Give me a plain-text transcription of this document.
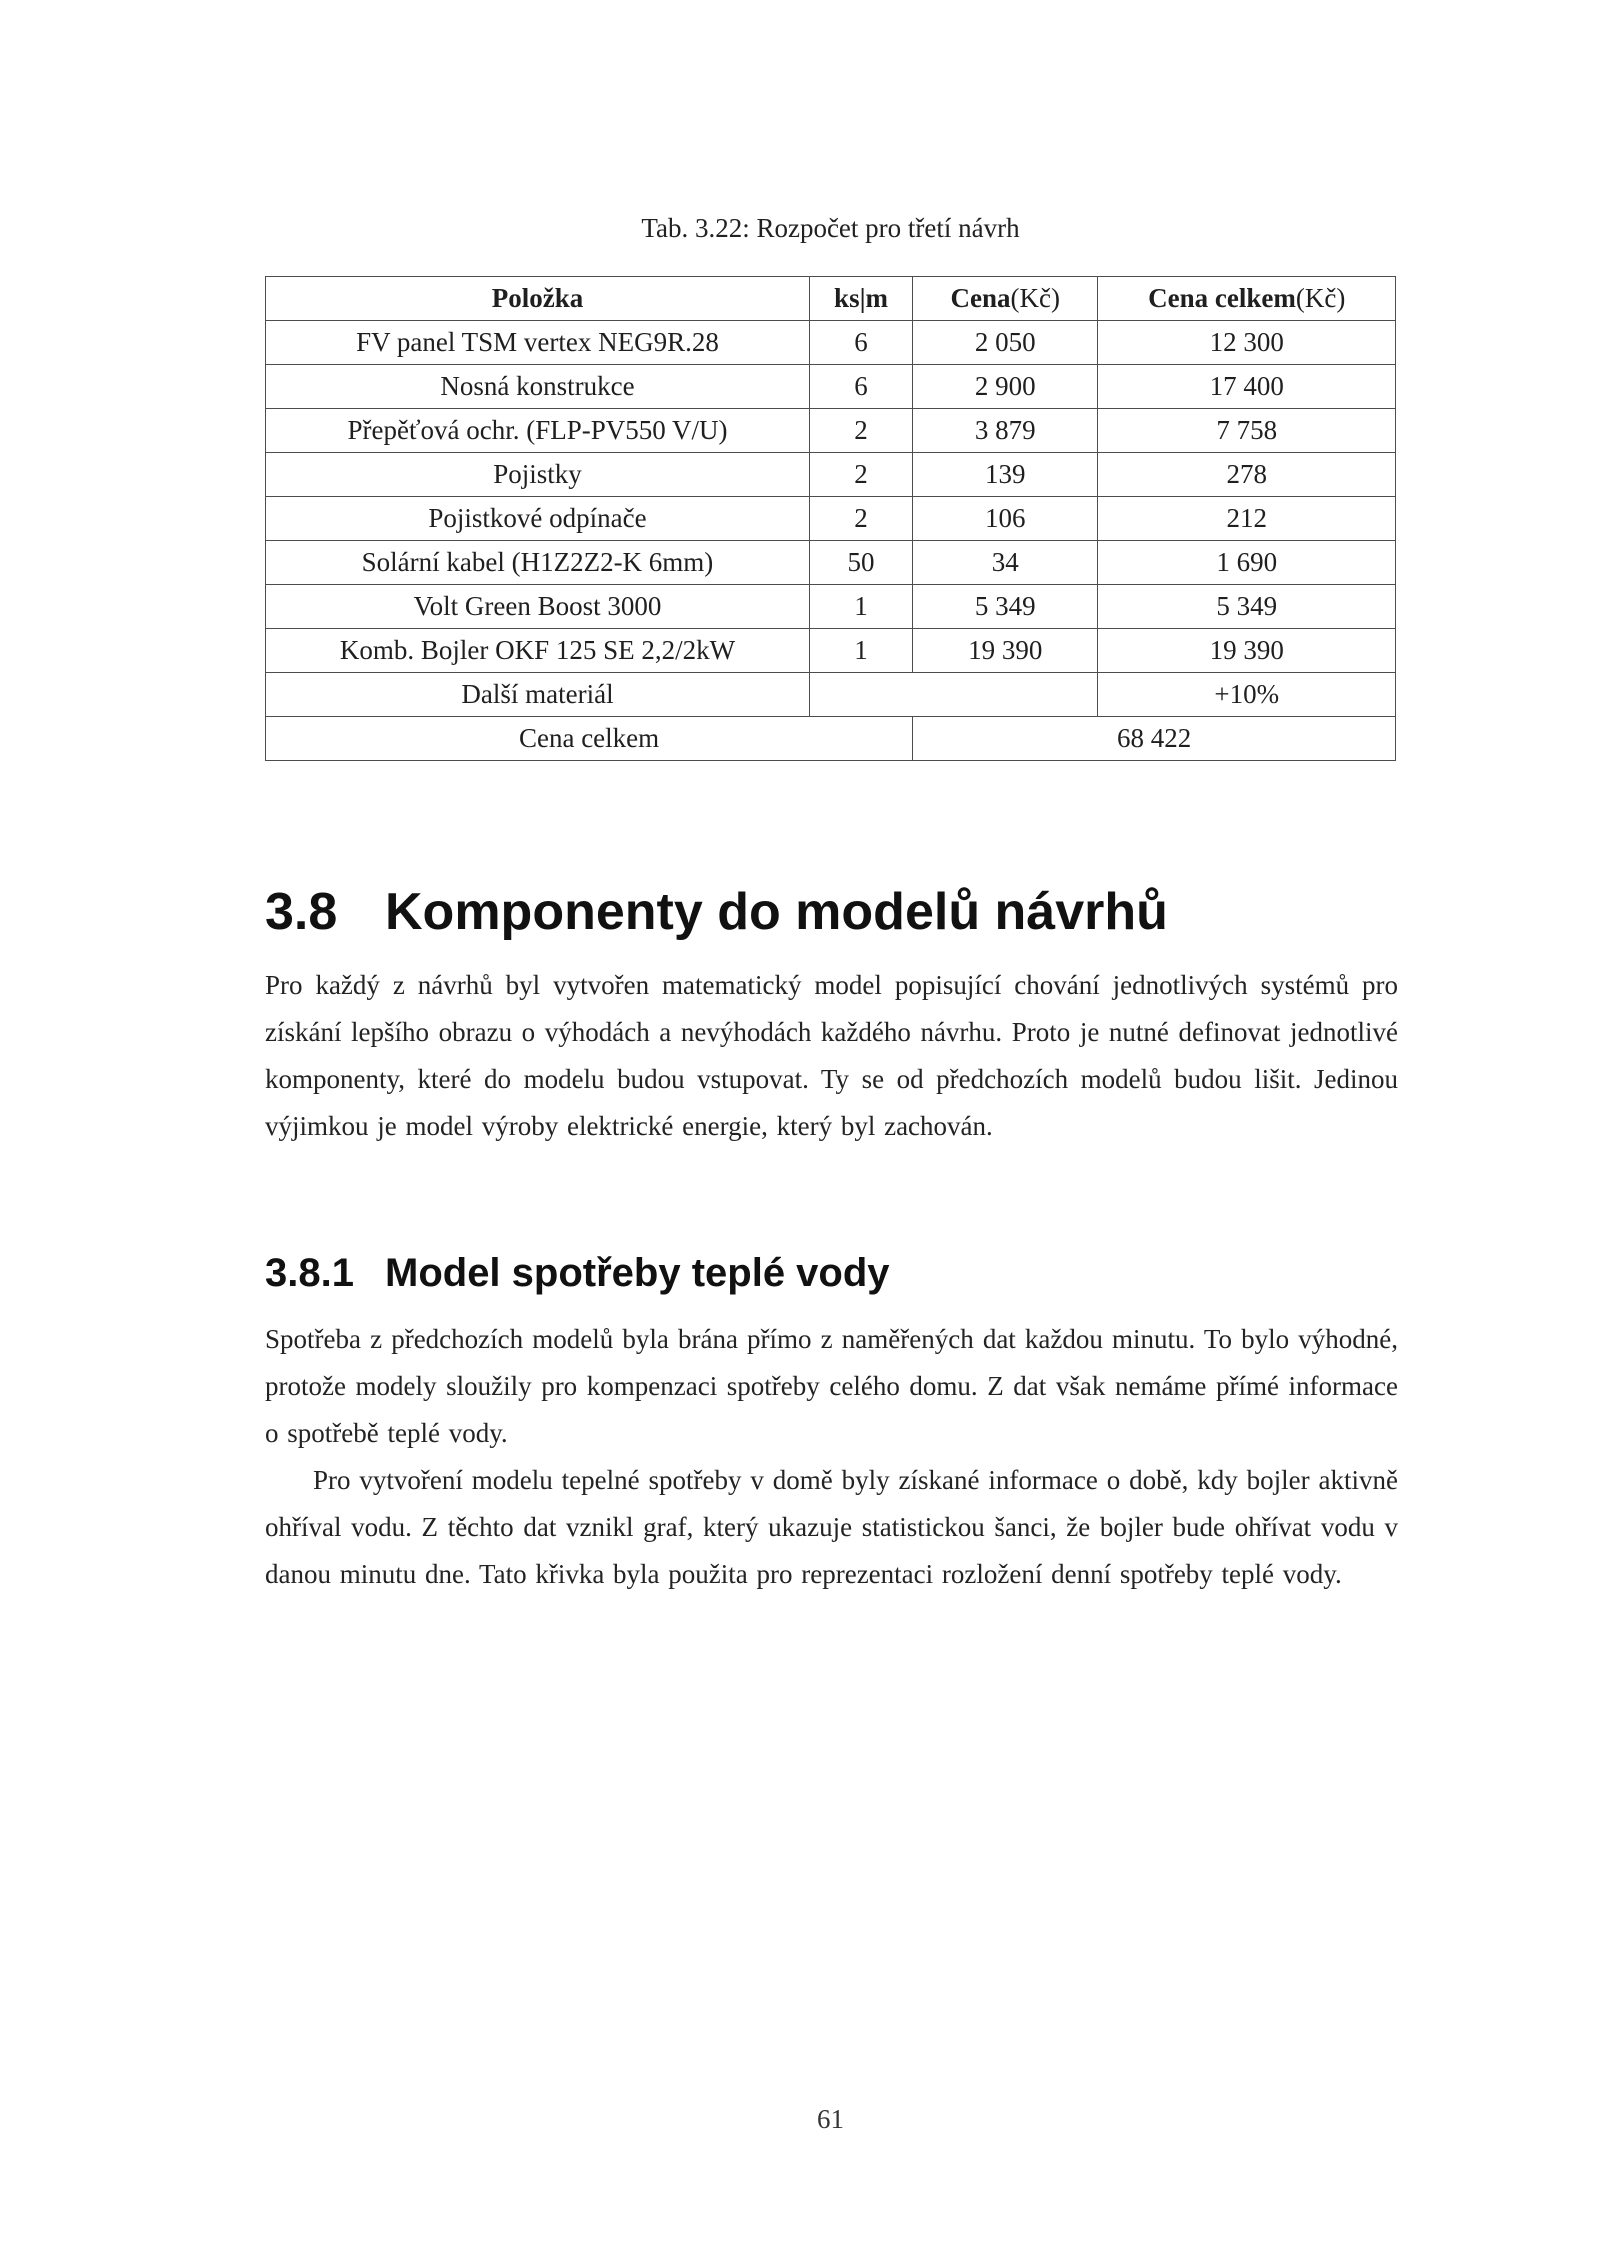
Tab. 3.22: Rozpočet pro třetí návrh
Položka	ks|m	Cena(Kč)	Cena celkem(Kč)
FV panel TSM vertex NEG9R.28	6	2 050	12 300
Nosná konstrukce	6	2 900	17 400
Přepěťová ochr. (FLP-PV550 V/U)	2	3 879	7 758
Pojistky	2	139	278
Pojistkové odpínače	2	106	212
Solární kabel (H1Z2Z2-K 6mm)	50	34	1 690
Volt Green Boost 3000	1	5 349	5 349
Komb. Bojler OKF 125 SE 2,2/2kW	1	19 390	19 390
Další materiál			+10%
Cena celkem		68 422	
3.8 Komponenty do modelů návrhů

Pro každý z návrhů byl vytvořen matematický model popisující chování jednotlivých systémů pro získání lepšího obrazu o výhodách a nevýhodách každého návrhu. Proto je nutné definovat jednotlivé komponenty, které do modelu budou vstupovat. Ty se od předchozích modelů budou lišit. Jedinou výjimkou je model výroby elektrické energie, který byl zachován.

3.8.1 Model spotřeby teplé vody

Spotřeba z předchozích modelů byla brána přímo z naměřených dat každou minutu. To bylo výhodné, protože modely sloužily pro kompenzaci spotřeby celého domu. Z dat však nemáme přímé informace o spotřebě teplé vody.

Pro vytvoření modelu tepelné spotřeby v domě byly získané informace o době, kdy bojler aktivně ohříval vodu. Z těchto dat vznikl graf, který ukazuje statistickou šanci, že bojler bude ohřívat vodu v danou minutu dne. Tato křivka byla použita pro reprezentaci rozložení denní spotřeby teplé vody.

61
